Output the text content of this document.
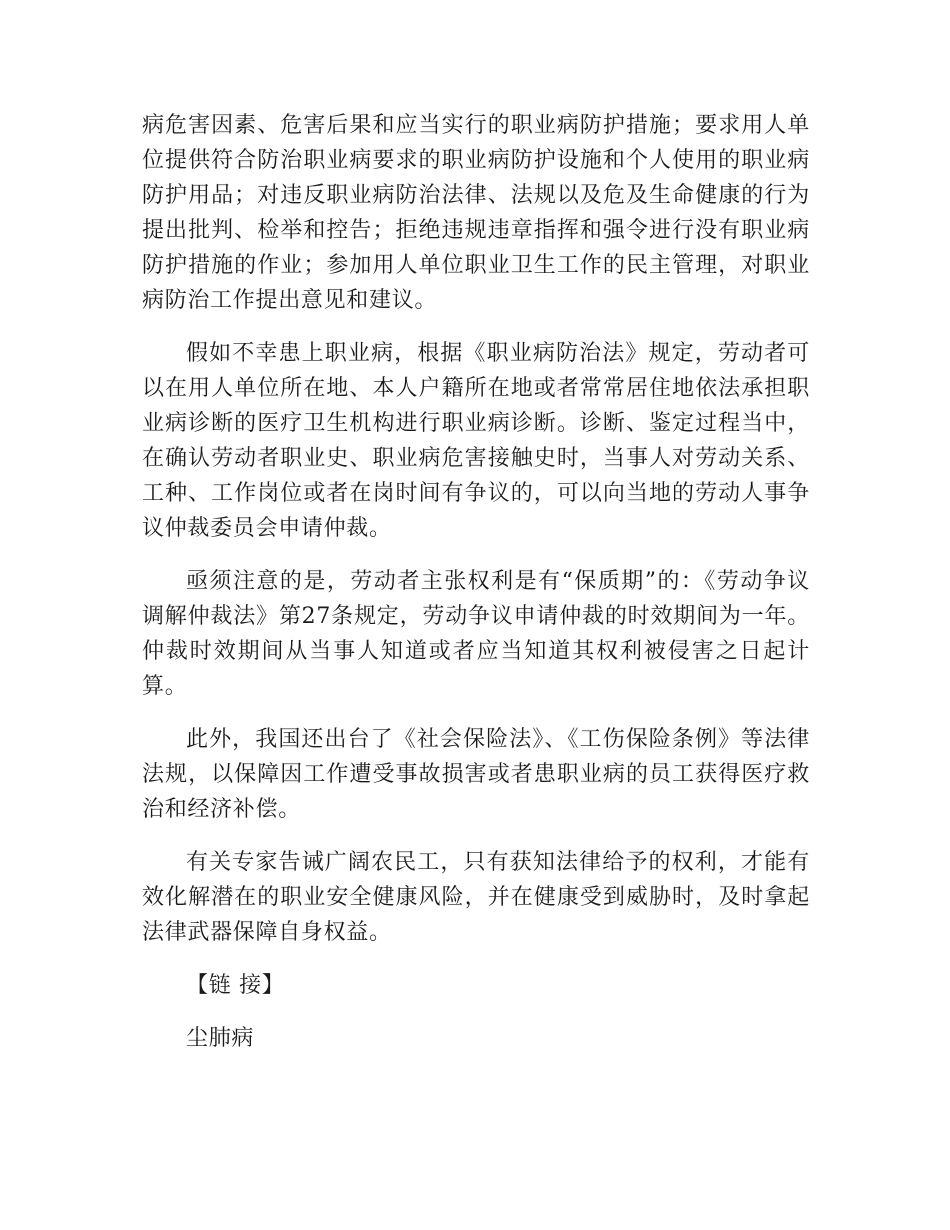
病危害因素、危害后果和应当实行的职业病防护措施；要求用人单位提供符合防治职业病要求的职业病防护设施和个人使用的职业病防护用品；对违反职业病防治法律、法规以及危及生命健康的行为提出批判、检举和控告；拒绝违规违章指挥和强令进行没有职业病防护措施的作业；参加用人单位职业卫生工作的民主管理，对职业病防治工作提出意见和建议。

假如不幸患上职业病，根据《职业病防治法》规定，劳动者可以在用人单位所在地、本人户籍所在地或者常常居住地依法承担职业病诊断的医疗卫生机构进行职业病诊断。诊断、鉴定过程当中，在确认劳动者职业史、职业病危害接触史时，当事人对劳动关系、工种、工作岗位或者在岗时间有争议的，可以向当地的劳动人事争议仲裁委员会申请仲裁。

亟须注意的是，劳动者主张权利是有“保质期”的：《劳动争议调解仲裁法》第27条规定，劳动争议申请仲裁的时效期间为一年。仲裁时效期间从当事人知道或者应当知道其权利被侵害之日起计算。

此外，我国还出台了《社会保险法》、《工伤保险条例》等法律法规，以保障因工作遭受事故损害或者患职业病的员工获得医疗救治和经济补偿。

有关专家告诫广阔农民工，只有获知法律给予的权利，才能有效化解潜在的职业安全健康风险，并在健康受到威胁时，及时拿起法律武器保障自身权益。

【链 接】

尘肺病
